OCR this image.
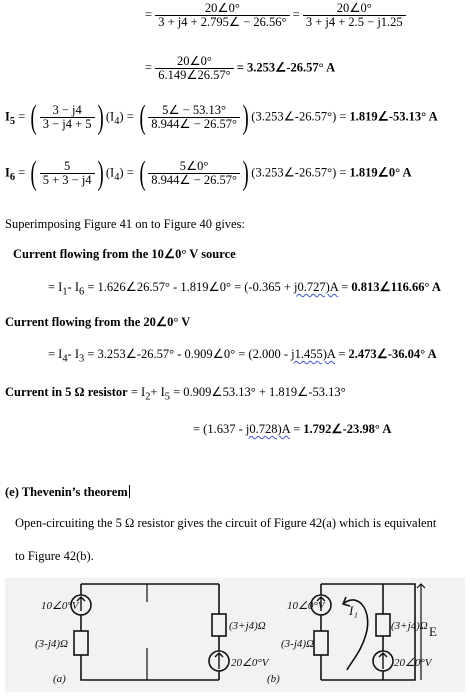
= $\frac{20\angle 0^\circ}{3 + j4 + 2.795\angle - 26.56^\circ} = \frac{20\angle 0^\circ}{3 + j4 + 2.5 - j1.25}$
= $\frac{20\angle 0^\circ}{6.149\angle 26.57^\circ}$ = 3.253∠-26.57° A
$I_5$ = ( $\frac{3 - j4}{3 - j4 + 5}$ ) $(I_4)$ = ( $\frac{5\angle - 53.13^\circ}{8.944\angle - 26.57^\circ}$ ) (3.253∠-26.57°) = 1.819∠-53.13° A
$I_6$ = ( $\frac{5}{5 + 3 - j4}$ ) $(I_4)$ = ( $\frac{5\angle 0^\circ}{8.944\angle - 26.57^\circ}$ ) (3.253∠-26.57°) = 1.819∠0° A
Superimposing Figure 41 on to Figure 40 gives:
Current flowing from the 10∠0° V source
= $I_1-$ $I_6$ = 1.626∠26.57° - 1.819∠0° = (-0.365 + j0.727)A = 0.813∠116.66° A
Current flowing from the 20∠0° V
= $I_4-$ $I_3$ = 3.253∠-26.57° - 0.909∠0° = (2.000 - j1.455)A = 2.473∠-36.04° A
Current in 5 Ω resistor = $I_2+ I_5$ = 0.909∠53.13° + 1.819∠-53.13°
= (1.637 - j0.728)A = 1.792∠-23.98° A
(e) Thevenin’s theorem
Open-circuiting the 5 Ω resistor gives the circuit of Figure 42(a) which is equivalent
to Figure 42(b).
10∠0°V
(3-j4)Ω
(3+j4)Ω
20∠0°V
(a)
10∠0°V I₁
(3-j4)Ω
(3+j4)Ω
20∠0°V
E
(b)
